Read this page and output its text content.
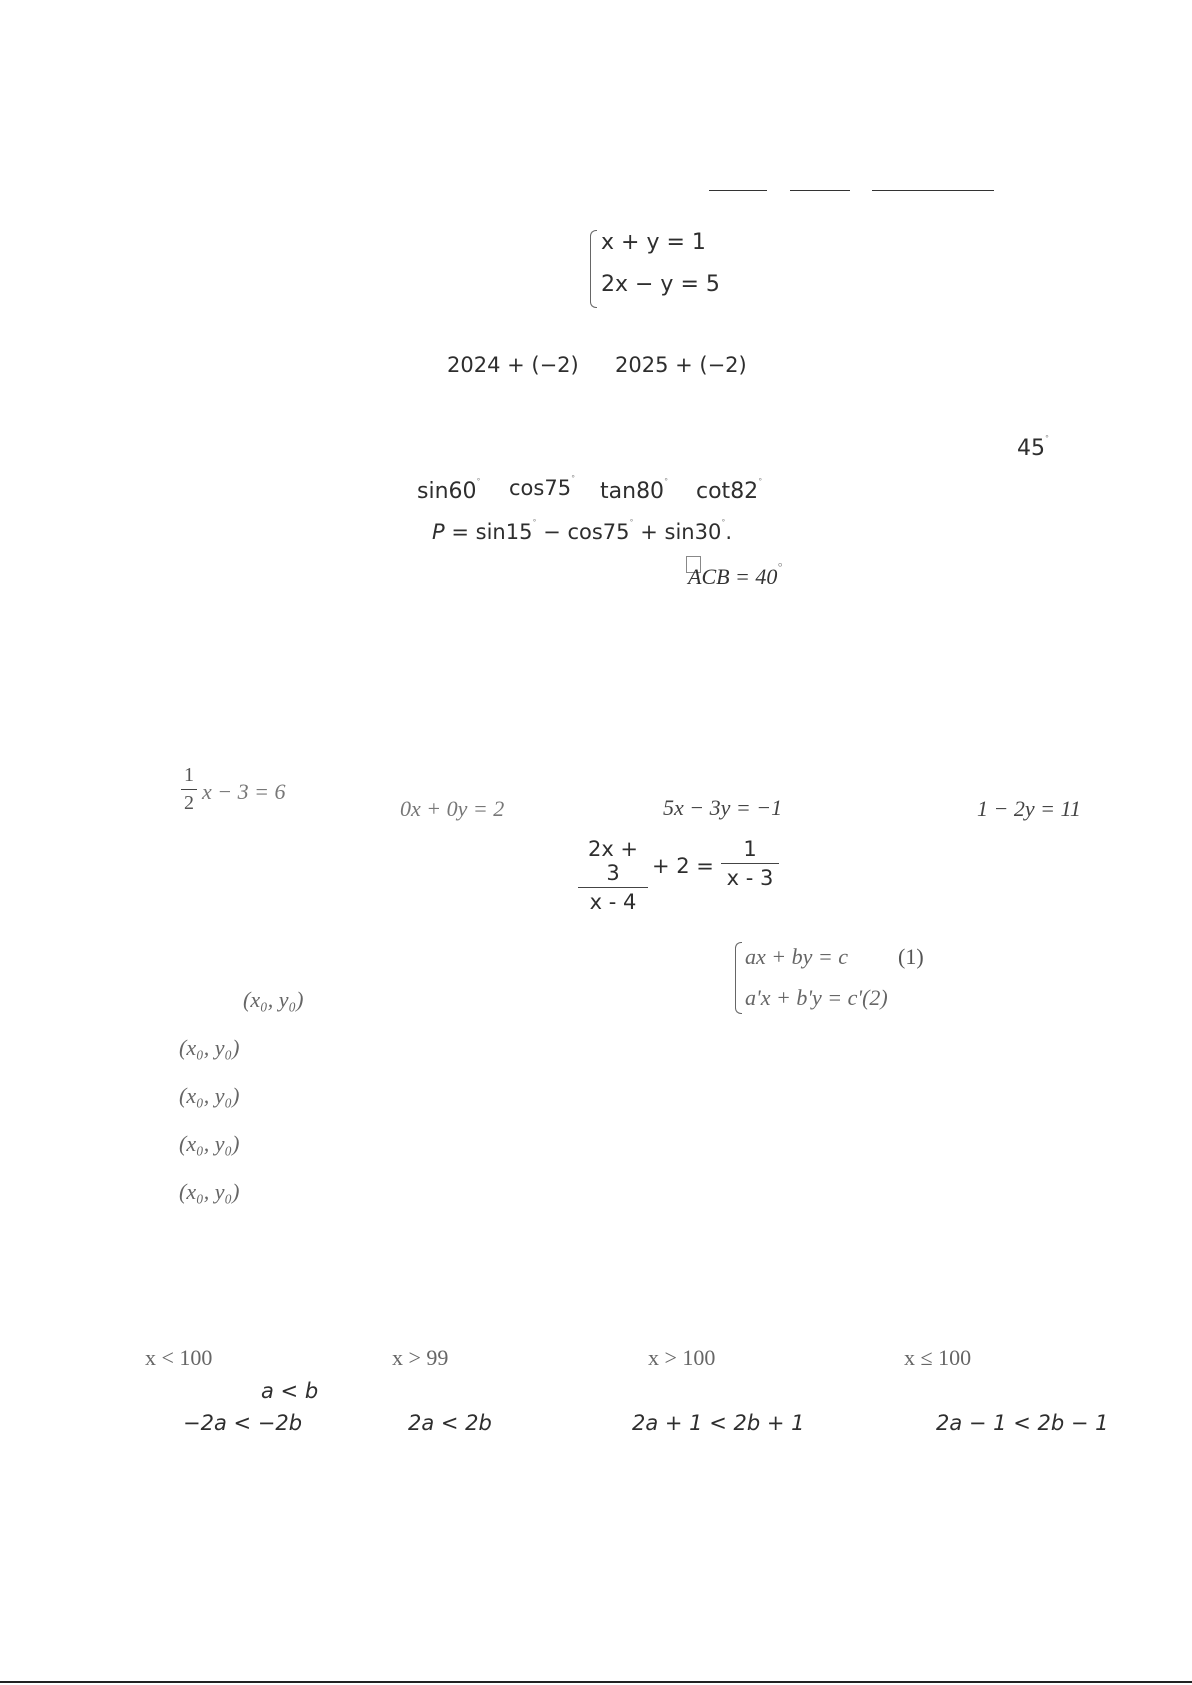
x + y = 1
2x − y = 5
2024 + (−2) 2025 + (−2)
45°
sin60° cos75°
tan80° cot82°
P = sin15° − cos75° + sin30°.
ACB = 40°
1
2 x − 3 = 6
0x + 0y = 2	5x − 3y = −1	1 − 2y = 11
2x + 3
x - 4
+ 2 =
1
x - 3
ax + by = c (1)
a'x + b'y = c'(2)
(x₀, y₀)
(x₀, y₀)
(x₀, y₀)
(x₀, y₀)
(x₀, y₀)
x < 100	x > 99	x > 100	x ≤ 100
a < b
−2a < −2b	2a < 2b	2a + 1 < 2b + 1	2a − 1 < 2b − 1
